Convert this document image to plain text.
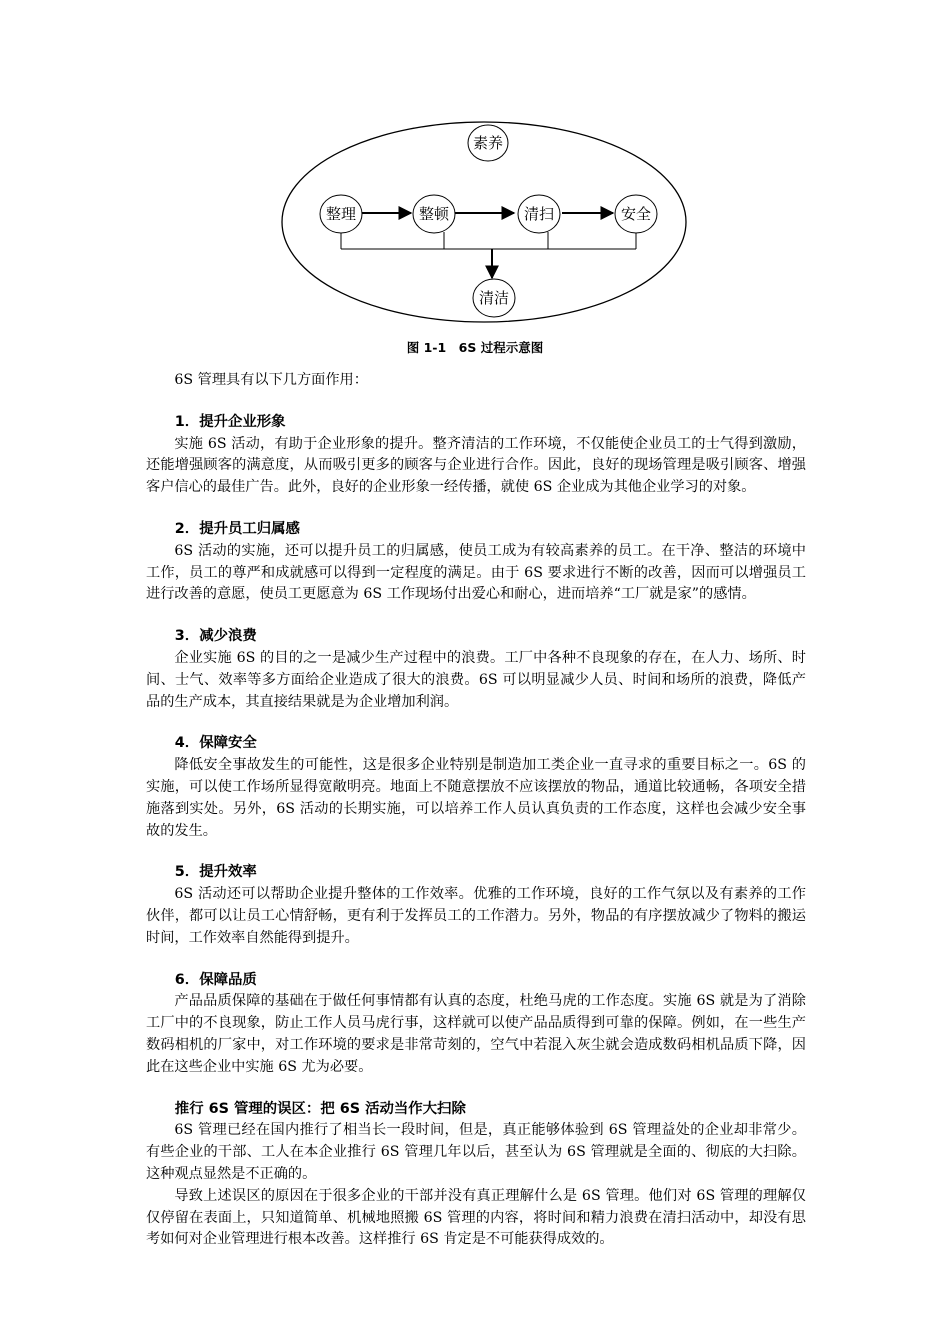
素养
整理	整顿	清扫	安全
清洁
图 1-1　6S 过程示意图

6S 管理具有以下几方面作用：

1．提升企业形象

实施 6S 活动，有助于企业形象的提升。整齐清洁的工作环境，不仅能使企业员工的士气得到激励，还能增强顾客的满意度，从而吸引更多的顾客与企业进行合作。因此，良好的现场管理是吸引顾客、增强客户信心的最佳广告。此外，良好的企业形象一经传播，就使 6S 企业成为其他企业学习的对象。

2．提升员工归属感

6S 活动的实施，还可以提升员工的归属感，使员工成为有较高素养的员工。在干净、整洁的环境中工作，员工的尊严和成就感可以得到一定程度的满足。由于 6S 要求进行不断的改善，因而可以增强员工进行改善的意愿，使员工更愿意为 6S 工作现场付出爱心和耐心，进而培养“工厂就是家”的感情。

3．减少浪费

企业实施 6S 的目的之一是减少生产过程中的浪费。工厂中各种不良现象的存在，在人力、场所、时间、士气、效率等多方面给企业造成了很大的浪费。6S 可以明显减少人员、时间和场所的浪费，降低产品的生产成本，其直接结果就是为企业增加利润。

4．保障安全

降低安全事故发生的可能性，这是很多企业特别是制造加工类企业一直寻求的重要目标之一。6S 的实施，可以使工作场所显得宽敞明亮。地面上不随意摆放不应该摆放的物品，通道比较通畅，各项安全措施落到实处。另外，6S 活动的长期实施，可以培养工作人员认真负责的工作态度，这样也会减少安全事故的发生。

5．提升效率

6S 活动还可以帮助企业提升整体的工作效率。优雅的工作环境，良好的工作气氛以及有素养的工作伙伴，都可以让员工心情舒畅，更有利于发挥员工的工作潜力。另外，物品的有序摆放减少了物料的搬运时间，工作效率自然能得到提升。

6．保障品质

产品品质保障的基础在于做任何事情都有认真的态度，杜绝马虎的工作态度。实施 6S 就是为了消除工厂中的不良现象，防止工作人员马虎行事，这样就可以使产品品质得到可靠的保障。例如，在一些生产数码相机的厂家中，对工作环境的要求是非常苛刻的，空气中若混入灰尘就会造成数码相机品质下降，因此在这些企业中实施 6S 尤为必要。

推行 6S 管理的误区：把 6S 活动当作大扫除

6S 管理已经在国内推行了相当长一段时间，但是，真正能够体验到 6S 管理益处的企业却非常少。有些企业的干部、工人在本企业推行 6S 管理几年以后，甚至认为 6S 管理就是全面的、彻底的大扫除。这种观点显然是不正确的。

导致上述误区的原因在于很多企业的干部并没有真正理解什么是 6S 管理。他们对 6S 管理的理解仅仅停留在表面上，只知道简单、机械地照搬 6S 管理的内容，将时间和精力浪费在清扫活动中，却没有思考如何对企业管理进行根本改善。这样推行 6S 肯定是不可能获得成效的。
